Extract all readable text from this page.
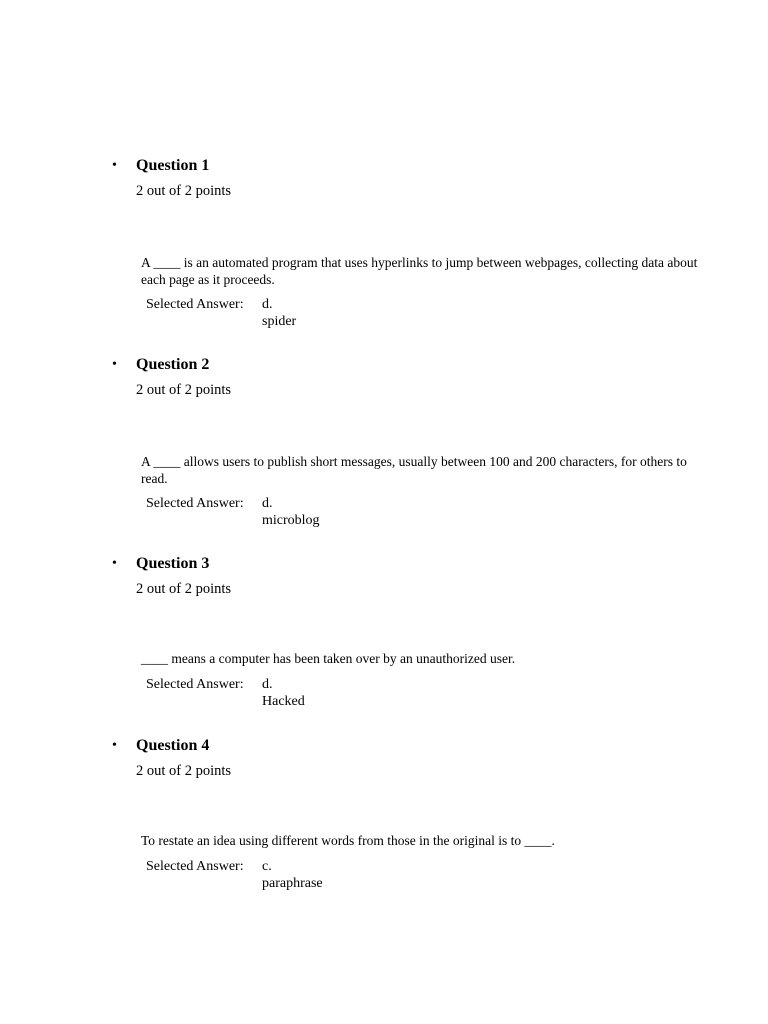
• Question 1
2 out of 2 points
A ____ is an automated program that uses hyperlinks to jump between webpages, collecting data about each page as it proceeds.
Selected Answer: d.
spider
• Question 2
2 out of 2 points
A ____ allows users to publish short messages, usually between 100 and 200 characters, for others to read.
Selected Answer: d.
microblog
• Question 3
2 out of 2 points
____ means a computer has been taken over by an unauthorized user.
Selected Answer: d.
Hacked
• Question 4
2 out of 2 points
To restate an idea using different words from those in the original is to ____.
Selected Answer: c.
paraphrase
